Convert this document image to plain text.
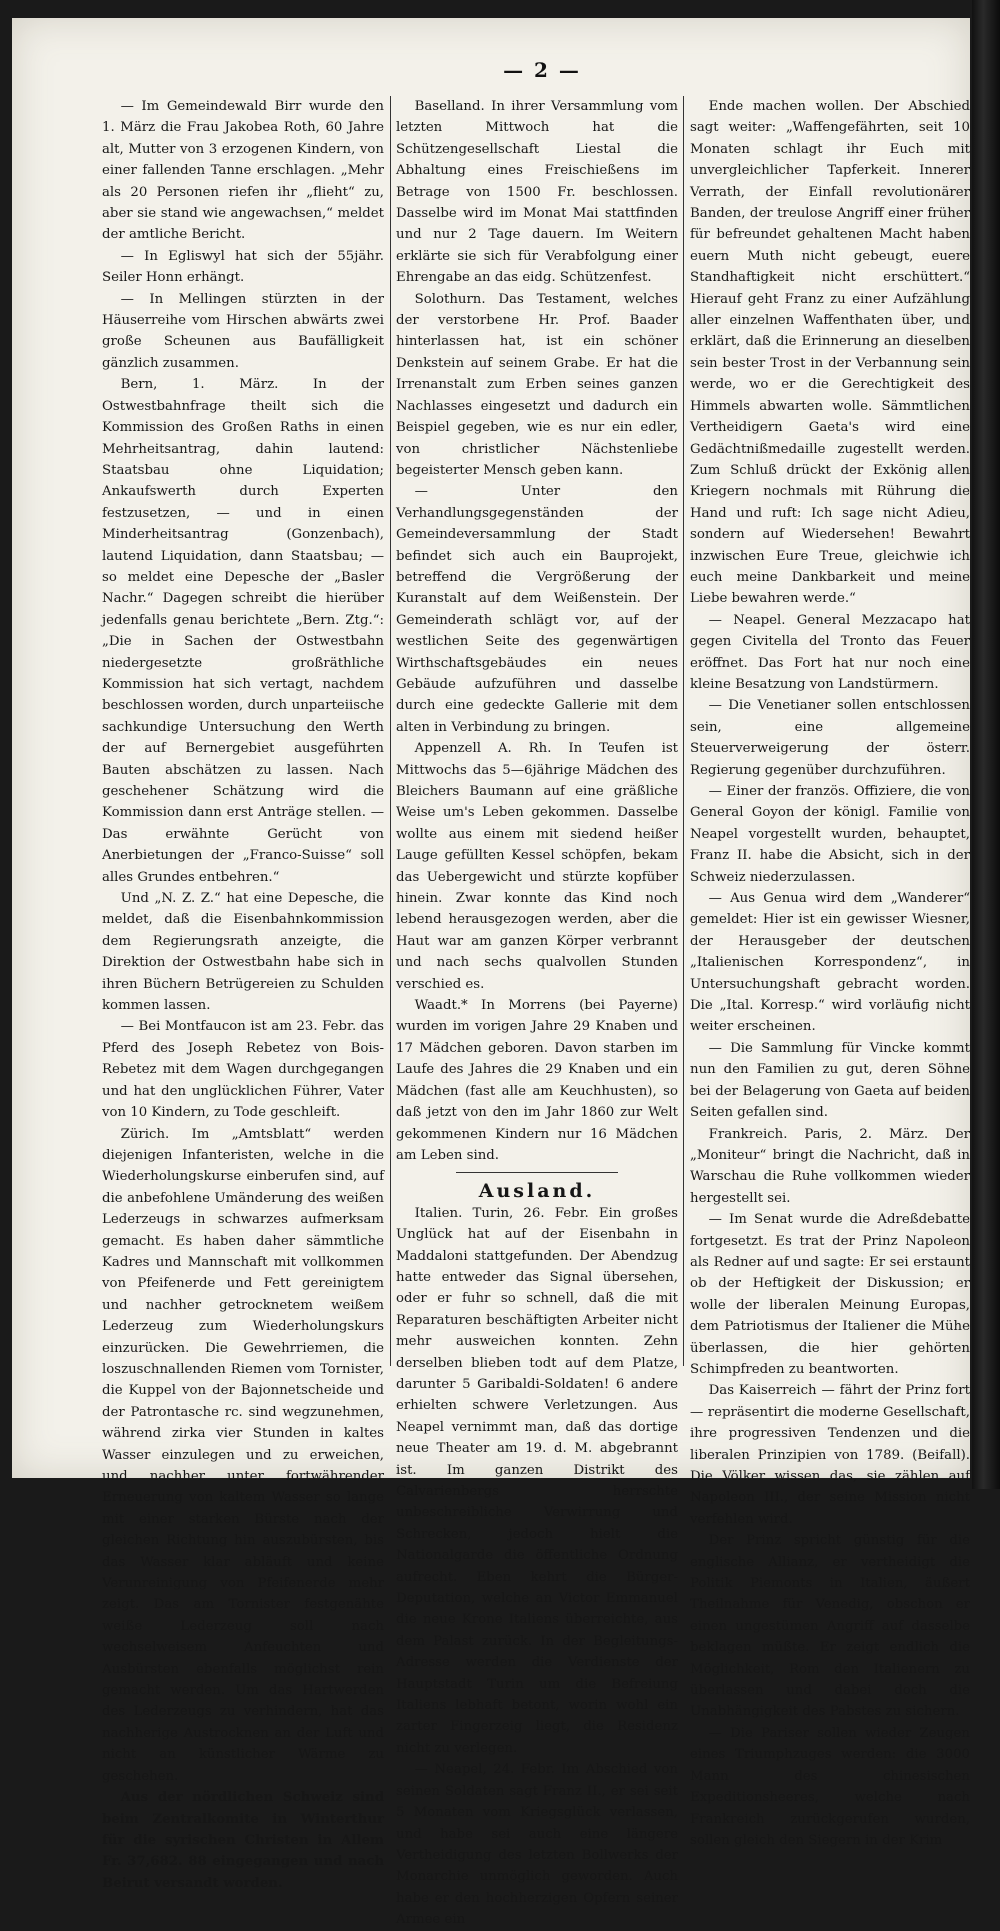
— 2 —

— Im Gemeindewald Birr wurde den 1. März die Frau Jakobea Roth, 60 Jahre alt, Mutter von 3 erzogenen Kindern, von einer fallenden Tanne erschlagen. „Mehr als 20 Personen riefen ihr „flieht“ zu, aber sie stand wie angewachsen,“ meldet der amtliche Bericht.

— In Egliswyl hat sich der 55jähr. Seiler Honn erhängt.

— In Mellingen stürzten in der Häuserreihe vom Hirschen abwärts zwei große Scheunen aus Baufälligkeit gänzlich zusammen.

Bern, 1. März. In der Ostwestbahnfrage theilt sich die Kommission des Großen Raths in einen Mehrheitsantrag, dahin lautend: Staatsbau ohne Liquidation; Ankaufswerth durch Experten festzusetzen, — und in einen Minderheitsantrag (Gonzenbach), lautend Liquidation, dann Staatsbau; — so meldet eine Depesche der „Basler Nachr.“ Dagegen schreibt die hierüber jedenfalls genau berichtete „Bern. Ztg.“: „Die in Sachen der Ostwestbahn niedergesetzte großräthliche Kommission hat sich vertagt, nachdem beschlossen worden, durch unparteiische sachkundige Untersuchung den Werth der auf Bernergebiet ausgeführten Bauten abschätzen zu lassen. Nach geschehener Schätzung wird die Kommission dann erst Anträge stellen. — Das erwähnte Gerücht von Anerbietungen der „Franco-Suisse“ soll alles Grundes entbehren.“

Und „N. Z. Z.“ hat eine Depesche, die meldet, daß die Eisenbahnkommission dem Regierungsrath anzeigte, die Direktion der Ostwestbahn habe sich in ihren Büchern Betrügereien zu Schulden kommen lassen.

— Bei Montfaucon ist am 23. Febr. das Pferd des Joseph Rebetez von Bois-Rebetez mit dem Wagen durchgegangen und hat den unglücklichen Führer, Vater von 10 Kindern, zu Tode geschleift.

Zürich. Im „Amtsblatt“ werden diejenigen Infanteristen, welche in die Wiederholungskurse einberufen sind, auf die anbefohlene Umänderung des weißen Lederzeugs in schwarzes aufmerksam gemacht. Es haben daher sämmtliche Kadres und Mannschaft mit vollkommen von Pfeifenerde und Fett gereinigtem und nachher getrocknetem weißem Lederzeug zum Wiederholungskurs einzurücken. Die Gewehrriemen, die loszuschnallenden Riemen vom Tornister, die Kuppel von der Bajonnetscheide und der Patrontasche rc. sind wegzunehmen, während zirka vier Stunden in kaltes Wasser einzulegen und zu erweichen, und nachher unter fortwährender Erneuerung von kaltem Wasser so lange mit einer starken Bürste nach der gleichen Richtung hin auszubürsten, bis das Wasser klar abläuft und keine Verunreinigung von Pfeifenerde mehr zeigt. Das am Tornister festgenähte weiße Lederzeug soll nach wechselweisem Anfeuchten und Ausbürsten ebenfalls möglichst rein gemacht werden. Um das Hartwerden des Lederzeugs zu verhindern, hat das nachherige Austrocknen an der Luft und nicht an künstlicher Wärme zu geschehen.

Aus der nördlichen Schweiz sind beim Zentralkomite in Winterthur für die syrischen Christen in Allem Fr. 37,682. 88 eingegangen und nach Beirut versandt worden.

Baselland. In ihrer Versammlung vom letzten Mittwoch hat die Schützengesellschaft Liestal die Abhaltung eines Freischießens im Betrage von 1500 Fr. beschlossen. Dasselbe wird im Monat Mai stattfinden und nur 2 Tage dauern. Im Weitern erklärte sie sich für Verabfolgung einer Ehrengabe an das eidg. Schützenfest.

Solothurn. Das Testament, welches der verstorbene Hr. Prof. Baader hinterlassen hat, ist ein schöner Denkstein auf seinem Grabe. Er hat die Irrenanstalt zum Erben seines ganzen Nachlasses eingesetzt und dadurch ein Beispiel gegeben, wie es nur ein edler, von christlicher Nächstenliebe begeisterter Mensch geben kann.

— Unter den Verhandlungsgegenständen der Gemeindeversammlung der Stadt befindet sich auch ein Bauprojekt, betreffend die Vergrößerung der Kuranstalt auf dem Weißenstein. Der Gemeinderath schlägt vor, auf der westlichen Seite des gegenwärtigen Wirthschaftsgebäudes ein neues Gebäude aufzuführen und dasselbe durch eine gedeckte Gallerie mit dem alten in Verbindung zu bringen.

Appenzell A. Rh. In Teufen ist Mittwochs das 5—6jährige Mädchen des Bleichers Baumann auf eine gräßliche Weise um's Leben gekommen. Dasselbe wollte aus einem mit siedend heißer Lauge gefüllten Kessel schöpfen, bekam das Uebergewicht und stürzte kopfüber hinein. Zwar konnte das Kind noch lebend herausgezogen werden, aber die Haut war am ganzen Körper verbrannt und nach sechs qualvollen Stunden verschied es.

Waadt.* In Morrens (bei Payerne) wurden im vorigen Jahre 29 Knaben und 17 Mädchen geboren. Davon starben im Laufe des Jahres die 29 Knaben und ein Mädchen (fast alle am Keuchhusten), so daß jetzt von den im Jahr 1860 zur Welt gekommenen Kindern nur 16 Mädchen am Leben sind.

Ausland.

Italien. Turin, 26. Febr. Ein großes Unglück hat auf der Eisenbahn in Maddaloni stattgefunden. Der Abendzug hatte entweder das Signal übersehen, oder er fuhr so schnell, daß die mit Reparaturen beschäftigten Arbeiter nicht mehr ausweichen konnten. Zehn derselben blieben todt auf dem Platze, darunter 5 Garibaldi-Soldaten! 6 andere erhielten schwere Verletzungen. Aus Neapel vernimmt man, daß das dortige neue Theater am 19. d. M. abgebrannt ist. Im ganzen Distrikt des Calvarienbergs herrschte unbeschreibliche Verwirrung und Schrecken, jedoch hielt die Nationalgarde die öffentliche Ordnung aufrecht. Eben kehrt die Bürger-Deputation, welche an Victor Emmanuel die neue Krone Italiens überreichte, aus dem Palast zurück. In der Begleitungs-Adresse werden die Verdienste der Hauptstadt Turin um die Befreiung Italiens lebhaft betont, worin wohl ein zarter Fingerzeig liegt, die Residenz nicht zu verlegen.

— Neapel, 24. Febr. Im Abschied von seinen Soldaten sagt Franz II., er sei seit 5 Monaten vom Kriegsglück verlassen, und habe sei auch eine längere Vertheidigung des letzten Bollwerks der Monarchie unmöglich geworden. Auch habe er den hochherzigen Opfern seiner Armee ein

Ende machen wollen. Der Abschied sagt weiter: „Waffengefährten, seit 10 Monaten schlagt ihr Euch mit unvergleichlicher Tapferkeit. Innerer Verrath, der Einfall revolutionärer Banden, der treulose Angriff einer früher für befreundet gehaltenen Macht haben euern Muth nicht gebeugt, euere Standhaftigkeit nicht erschüttert.“ Hierauf geht Franz zu einer Aufzählung aller einzelnen Waffenthaten über, und erklärt, daß die Erinnerung an dieselben sein bester Trost in der Verbannung sein werde, wo er die Gerechtigkeit des Himmels abwarten wolle. Sämmtlichen Vertheidigern Gaeta's wird eine Gedächtnißmedaille zugestellt werden. Zum Schluß drückt der Exkönig allen Kriegern nochmals mit Rührung die Hand und ruft: Ich sage nicht Adieu, sondern auf Wiedersehen! Bewahrt inzwischen Eure Treue, gleichwie ich euch meine Dankbarkeit und meine Liebe bewahren werde.“

— Neapel. General Mezzacapo hat gegen Civitella del Tronto das Feuer eröffnet. Das Fort hat nur noch eine kleine Besatzung von Landstürmern.

— Die Venetianer sollen entschlossen sein, eine allgemeine Steuerverweigerung der österr. Regierung gegenüber durchzuführen.

— Einer der französ. Offiziere, die von General Goyon der königl. Familie von Neapel vorgestellt wurden, behauptet, Franz II. habe die Absicht, sich in der Schweiz niederzulassen.

— Aus Genua wird dem „Wanderer“ gemeldet: Hier ist ein gewisser Wiesner, der Herausgeber der deutschen „Italienischen Korrespondenz“, in Untersuchungshaft gebracht worden. Die „Ital. Korresp.“ wird vorläufig nicht weiter erscheinen.

— Die Sammlung für Vincke kommt nun den Familien zu gut, deren Söhne bei der Belagerung von Gaeta auf beiden Seiten gefallen sind.

Frankreich. Paris, 2. März. Der „Moniteur“ bringt die Nachricht, daß in Warschau die Ruhe vollkommen wieder hergestellt sei.

— Im Senat wurde die Adreßdebatte fortgesetzt. Es trat der Prinz Napoleon als Redner auf und sagte: Er sei erstaunt ob der Heftigkeit der Diskussion; er wolle der liberalen Meinung Europas, dem Patriotismus der Italiener die Mühe überlassen, die hier gehörten Schimpfreden zu beantworten.

Das Kaiserreich — fährt der Prinz fort — repräsentirt die moderne Gesellschaft, ihre progressiven Tendenzen und die liberalen Prinzipien von 1789. (Beifall). Die Völker wissen das, sie zählen auf Napoleon III., der seine Mission nicht verfehlen wird.

Der Prinz spricht günstig für die englische Allianz, er vertheidigt die Politik Piemonts in Italien, äußert Theilnahme für Venedig, obschon er einen ungestümen Angriff auf dasselbe beklagen müßte. Er zeigt endlich die Möglichkeit, Rom den Italienern zu überlassen und dabei doch die Unabhängigkeit des Pabstes zu sichern.

— Die Pariser sollen wieder Zeugen eines Triumphzuges werden: die 3000 Mann des chinesischen Expeditionsheeres, welche nach Frankreich zurückgerufen wurden, sollen gleich den Siegern in der Krim
